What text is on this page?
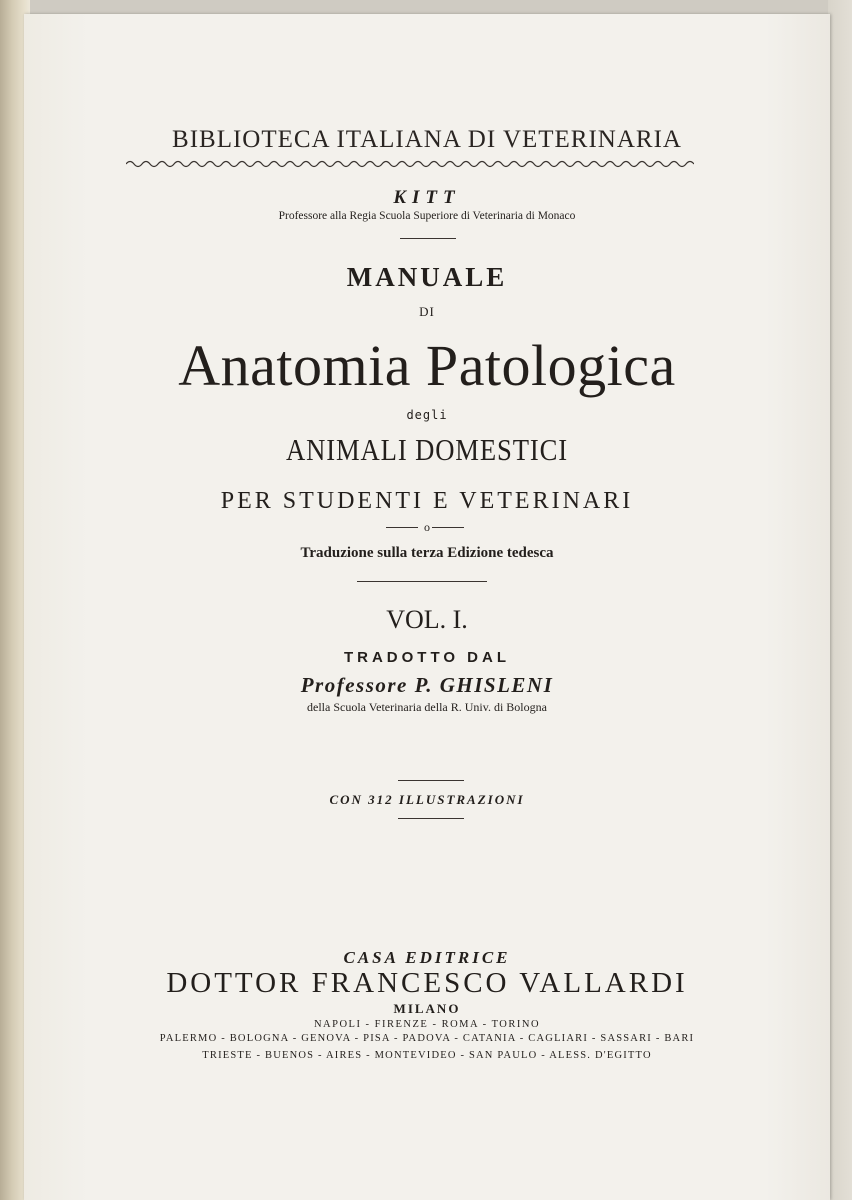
BIBLIOTECA ITALIANA DI VETERINARIA
KITT
Professore alla Regia Scuola Superiore di Veterinaria di Monaco
MANUALE
DI
Anatomia Patologica
degli
ANIMALI DOMESTICI
PER STUDENTI E VETERINARI
o
Traduzione sulla terza Edizione tedesca
VOL. I.
TRADOTTO DAL
Professore P. GHISLENI
della Scuola Veterinaria della R. Univ. di Bologna
CON 312 ILLUSTRAZIONI
CASA EDITRICE
DOTTOR FRANCESCO VALLARDI
MILANO
NAPOLI - FIRENZE - ROMA - TORINO
PALERMO - BOLOGNA - GENOVA - PISA - PADOVA - CATANIA - CAGLIARI - SASSARI - BARI
TRIESTE - BUENOS - AIRES - MONTEVIDEO - SAN PAULO - ALESS. D'EGITTO
